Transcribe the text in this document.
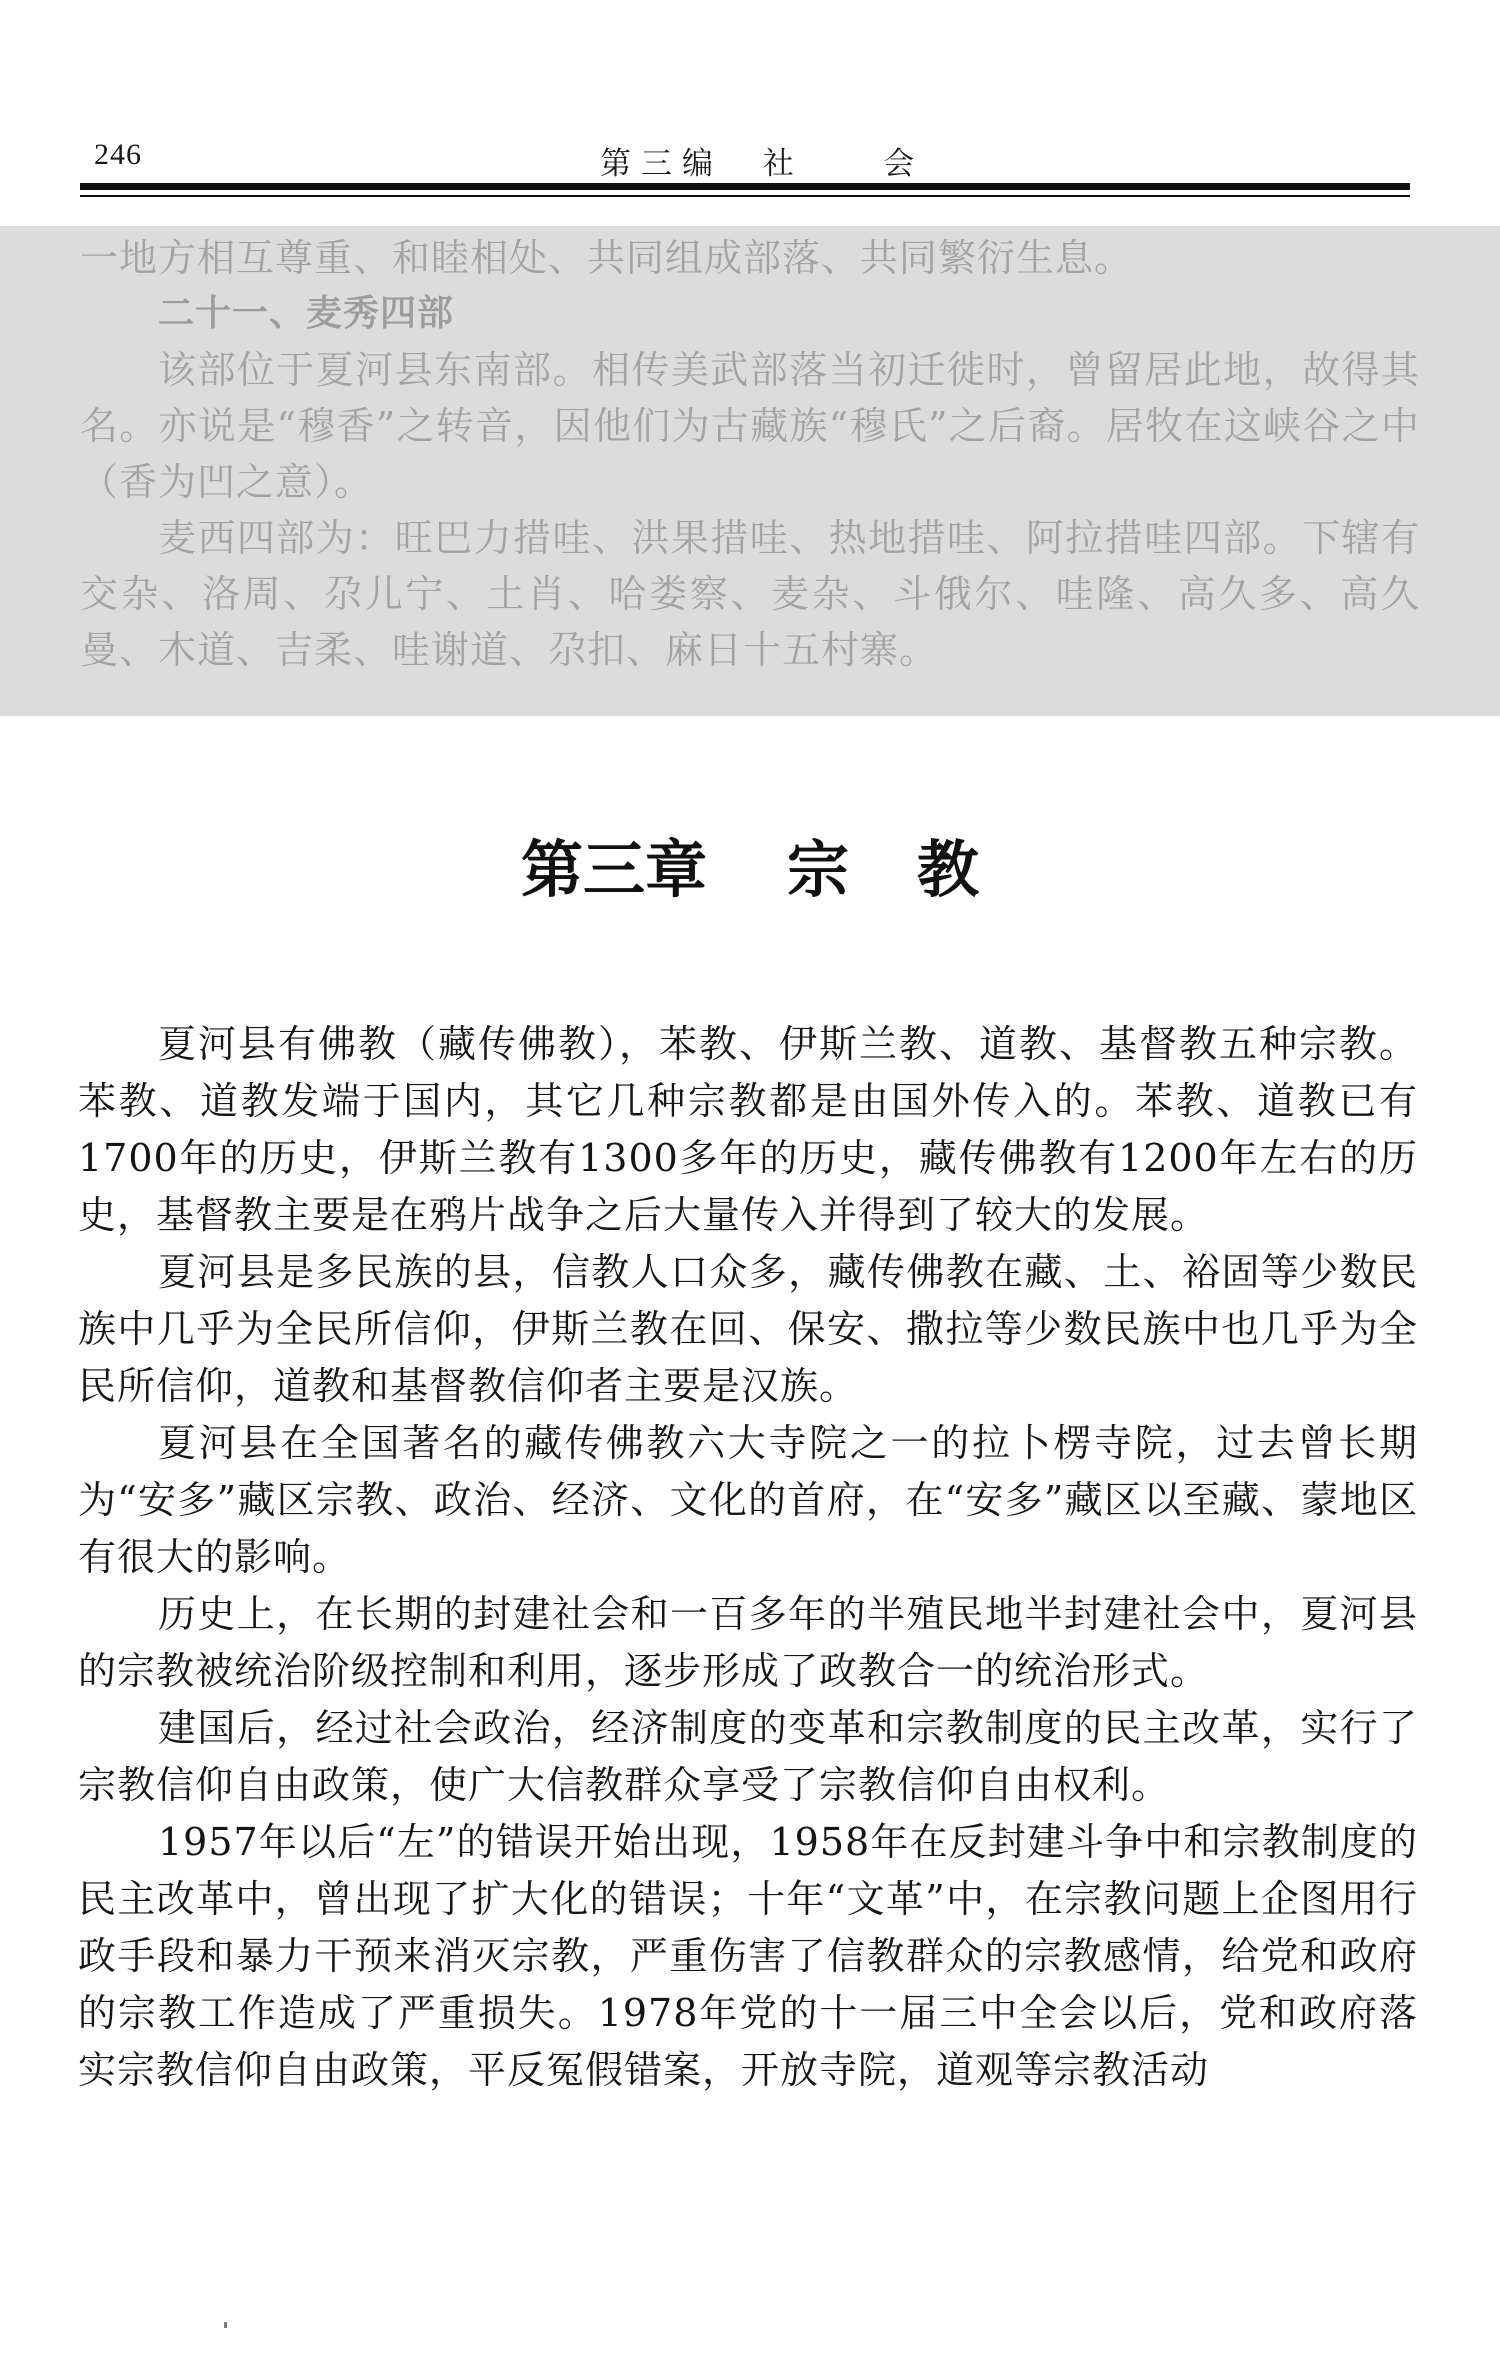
246	第三编  社    会

一地方相互尊重、和睦相处、共同组成部落、共同繁衍生息。

二十一、麦秀四部

该部位于夏河县东南部。相传美武部落当初迁徙时，曾留居此地，故得其名。亦说是“穆香”之转音，因他们为古藏族“穆氏”之后裔。居牧在这峡谷之中（香为凹之意）。

麦西四部为：旺巴力措哇、洪果措哇、热地措哇、阿拉措哇四部。下辖有交杂、洛周、尕儿宁、土肖、哈娄察、麦杂、斗俄尔、哇隆、高久多、高久曼、木道、吉柔、哇谢道、尕扣、麻日十五村寨。

第三章 宗教

夏河县有佛教（藏传佛教），苯教、伊斯兰教、道教、基督教五种宗教。苯教、道教发端于国内，其它几种宗教都是由国外传入的。苯教、道教已有1700年的历史，伊斯兰教有1300多年的历史，藏传佛教有1200年左右的历史，基督教主要是在鸦片战争之后大量传入并得到了较大的发展。

夏河县是多民族的县，信教人口众多，藏传佛教在藏、土、裕固等少数民族中几乎为全民所信仰，伊斯兰教在回、保安、撒拉等少数民族中也几乎为全民所信仰，道教和基督教信仰者主要是汉族。

夏河县在全国著名的藏传佛教六大寺院之一的拉卜楞寺院，过去曾长期为“安多”藏区宗教、政治、经济、文化的首府，在“安多”藏区以至藏、蒙地区有很大的影响。

历史上，在长期的封建社会和一百多年的半殖民地半封建社会中，夏河县的宗教被统治阶级控制和利用，逐步形成了政教合一的统治形式。

建国后，经过社会政治，经济制度的变革和宗教制度的民主改革，实行了宗教信仰自由政策，使广大信教群众享受了宗教信仰自由权利。

1957年以后“左”的错误开始出现，1958年在反封建斗争中和宗教制度的民主改革中，曾出现了扩大化的错误；十年“文革”中，在宗教问题上企图用行政手段和暴力干预来消灭宗教，严重伤害了信教群众的宗教感情，给党和政府的宗教工作造成了严重损失。1978年党的十一届三中全会以后，党和政府落实宗教信仰自由政策，平反冤假错案，开放寺院，道观等宗教活动
